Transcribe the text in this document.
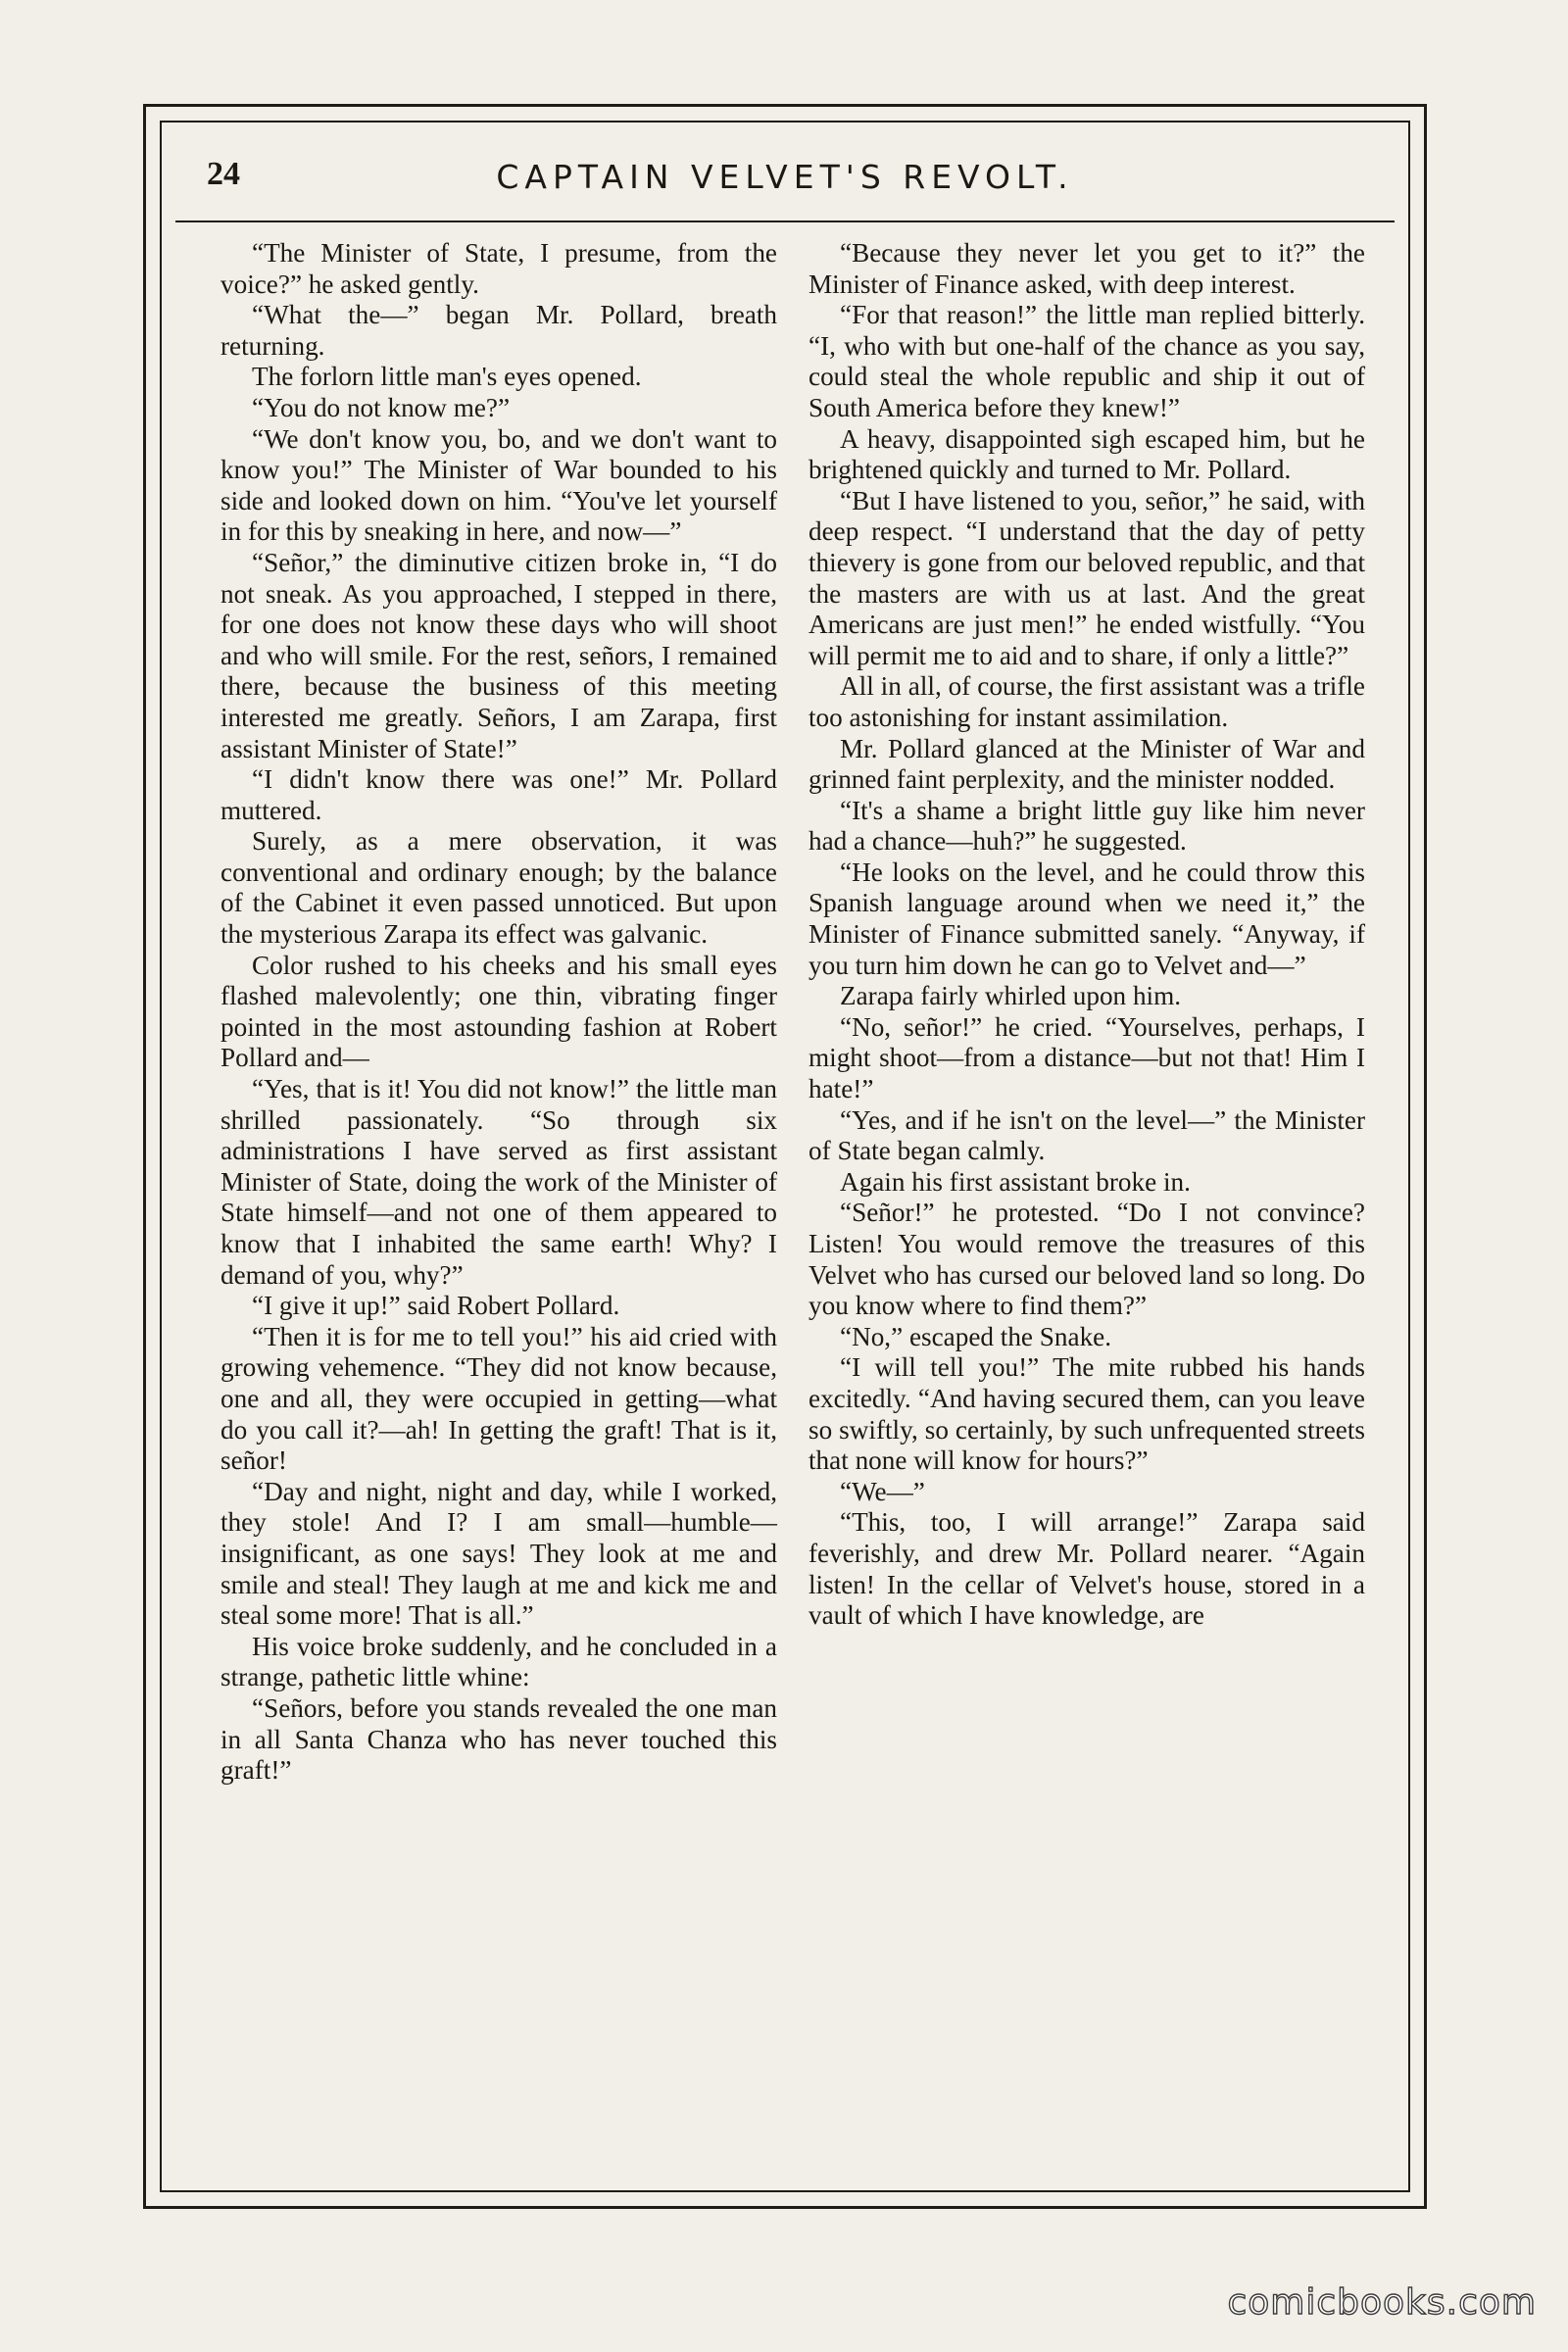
24	CAPTAIN VELVET'S REVOLT.

“The Minister of State, I presume, from the voice?” he asked gently.

“What the—” began Mr. Pollard, breath returning.

The forlorn little man's eyes opened.

“You do not know me?”

“We don't know you, bo, and we don't want to know you!” The Minister of War bounded to his side and looked down on him. “You've let yourself in for this by sneaking in here, and now—”

“Señor,” the diminutive citizen broke in, “I do not sneak. As you approached, I stepped in there, for one does not know these days who will shoot and who will smile. For the rest, señors, I remained there, because the business of this meeting interested me greatly. Señors, I am Zarapa, first assistant Minister of State!”

“I didn't know there was one!” Mr. Pollard muttered.

Surely, as a mere observation, it was conventional and ordinary enough; by the balance of the Cabinet it even passed unnoticed. But upon the mysterious Zarapa its effect was galvanic.

Color rushed to his cheeks and his small eyes flashed malevolently; one thin, vibrating finger pointed in the most astounding fashion at Robert Pollard and—

“Yes, that is it! You did not know!” the little man shrilled passionately. “So through six administrations I have served as first assistant Minister of State, doing the work of the Minister of State himself—and not one of them appeared to know that I inhabited the same earth! Why? I demand of you, why?”

“I give it up!” said Robert Pollard.

“Then it is for me to tell you!” his aid cried with growing vehemence. “They did not know because, one and all, they were occupied in getting—what do you call it?—ah! In getting the graft! That is it, señor!

“Day and night, night and day, while I worked, they stole! And I? I am small—humble—insignificant, as one says! They look at me and smile and steal! They laugh at me and kick me and steal some more! That is all.”

His voice broke suddenly, and he concluded in a strange, pathetic little whine:

“Señors, before you stands revealed the one man in all Santa Chanza who has never touched this graft!”

“Because they never let you get to it?” the Minister of Finance asked, with deep interest.

“For that reason!” the little man replied bitterly. “I, who with but one-half of the chance as you say, could steal the whole republic and ship it out of South America before they knew!”

A heavy, disappointed sigh escaped him, but he brightened quickly and turned to Mr. Pollard.

“But I have listened to you, señor,” he said, with deep respect. “I understand that the day of petty thievery is gone from our beloved republic, and that the masters are with us at last. And the great Americans are just men!” he ended wistfully. “You will permit me to aid and to share, if only a little?”

All in all, of course, the first assistant was a trifle too astonishing for instant assimilation.

Mr. Pollard glanced at the Minister of War and grinned faint perplexity, and the minister nodded.

“It's a shame a bright little guy like him never had a chance—huh?” he suggested.

“He looks on the level, and he could throw this Spanish language around when we need it,” the Minister of Finance submitted sanely. “Anyway, if you turn him down he can go to Velvet and—”

Zarapa fairly whirled upon him.

“No, señor!” he cried. “Yourselves, perhaps, I might shoot—from a distance—but not that! Him I hate!”

“Yes, and if he isn't on the level—” the Minister of State began calmly.

Again his first assistant broke in.

“Señor!” he protested. “Do I not convince? Listen! You would remove the treasures of this Velvet who has cursed our beloved land so long. Do you know where to find them?”

“No,” escaped the Snake.

“I will tell you!” The mite rubbed his hands excitedly. “And having secured them, can you leave so swiftly, so certainly, by such unfrequented streets that none will know for hours?”

“We—”

“This, too, I will arrange!” Zarapa said feverishly, and drew Mr. Pollard nearer. “Again listen! In the cellar of Velvet's house, stored in a vault of which I have knowledge, are

comicbooks.com
